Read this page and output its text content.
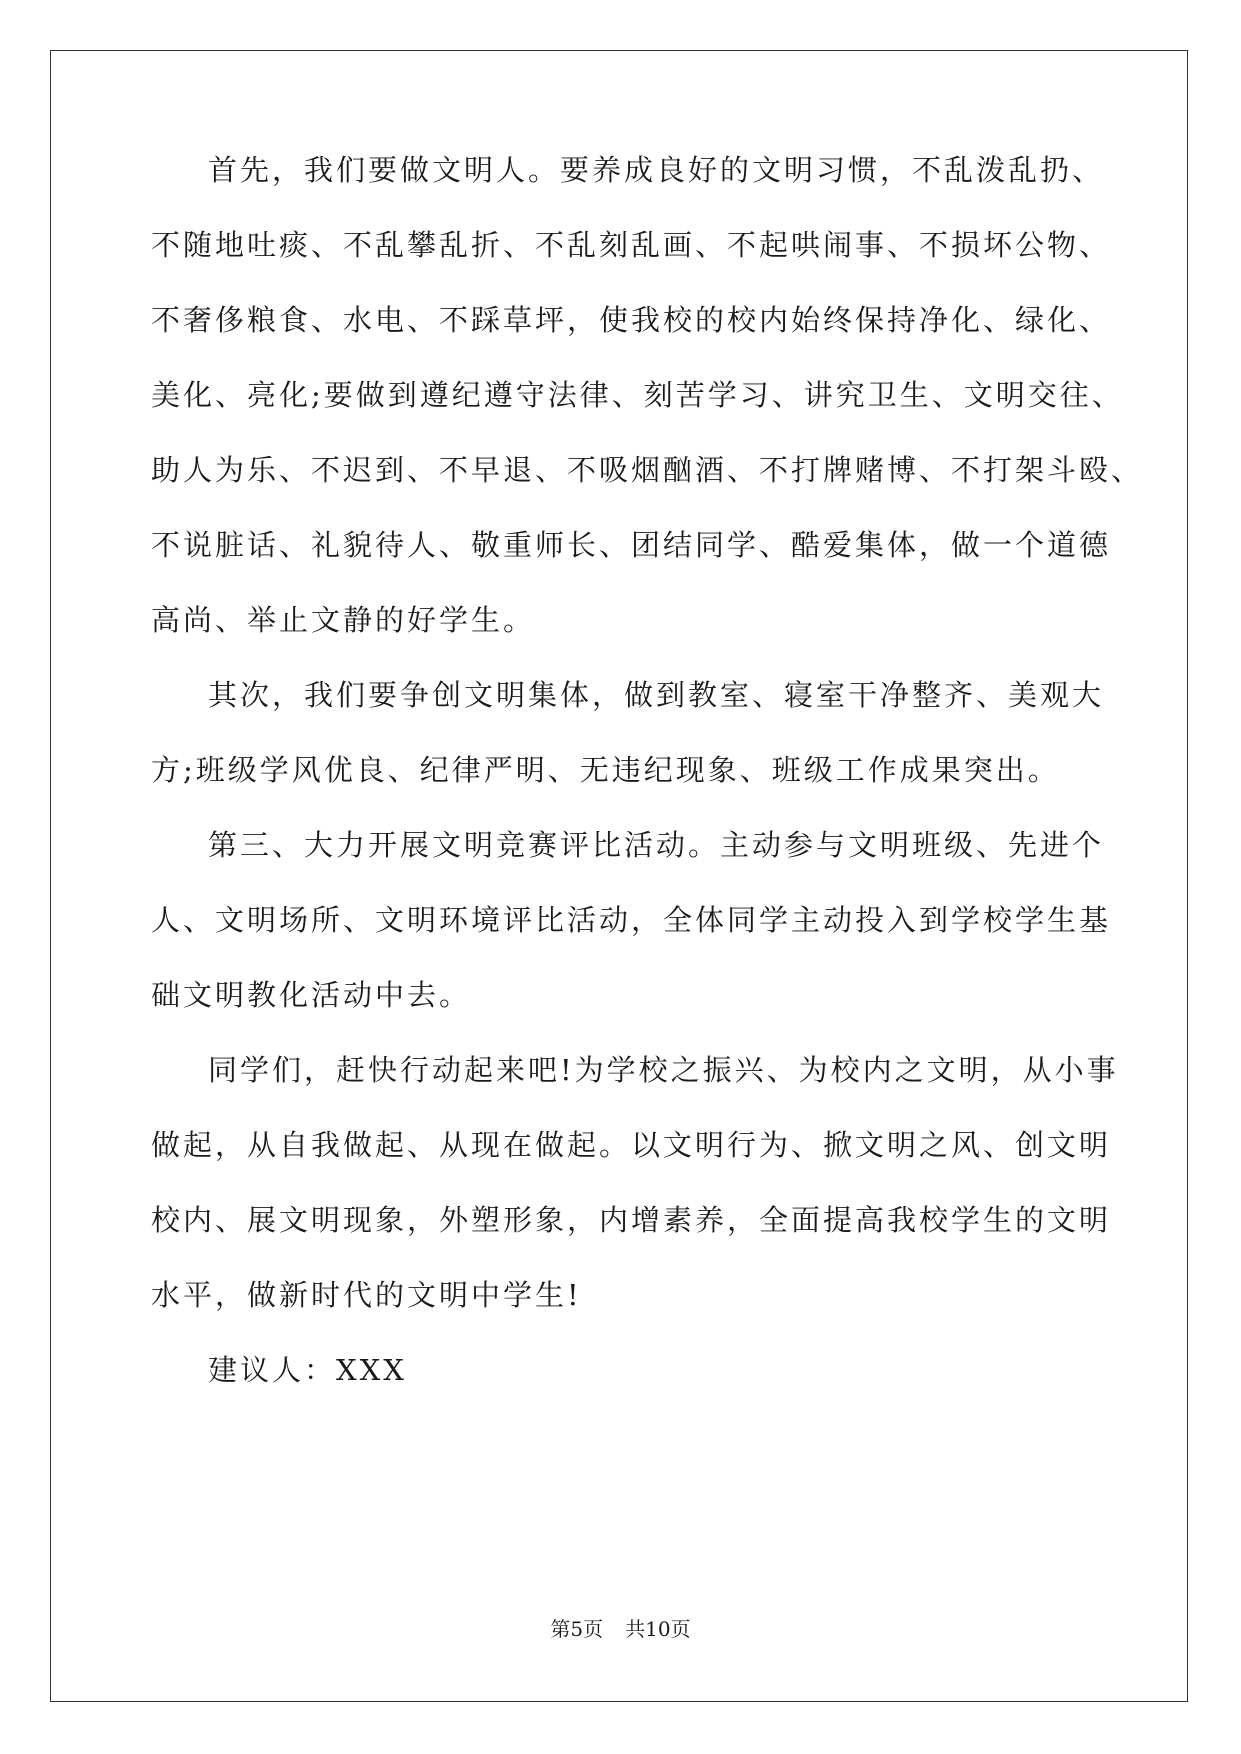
首先，我们要做文明人。要养成良好的文明习惯，不乱泼乱扔、
不随地吐痰、不乱攀乱折、不乱刻乱画、不起哄闹事、不损坏公物、
不奢侈粮食、水电、不踩草坪，使我校的校内始终保持净化、绿化、
美化、亮化;要做到遵纪遵守法律、刻苦学习、讲究卫生、文明交往、
助人为乐、不迟到、不早退、不吸烟酗酒、不打牌赌博、不打架斗殴、
不说脏话、礼貌待人、敬重师长、团结同学、酷爱集体，做一个道德
高尚、举止文静的好学生。
其次，我们要争创文明集体，做到教室、寝室干净整齐、美观大
方;班级学风优良、纪律严明、无违纪现象、班级工作成果突出。
第三、大力开展文明竞赛评比活动。主动参与文明班级、先进个
人、文明场所、文明环境评比活动，全体同学主动投入到学校学生基
础文明教化活动中去。
同学们，赶快行动起来吧!为学校之振兴、为校内之文明，从小事
做起，从自我做起、从现在做起。以文明行为、掀文明之风、创文明
校内、展文明现象，外塑形象，内增素养，全面提高我校学生的文明
水平，做新时代的文明中学生!
建议人：XXX
第5页 共10页
